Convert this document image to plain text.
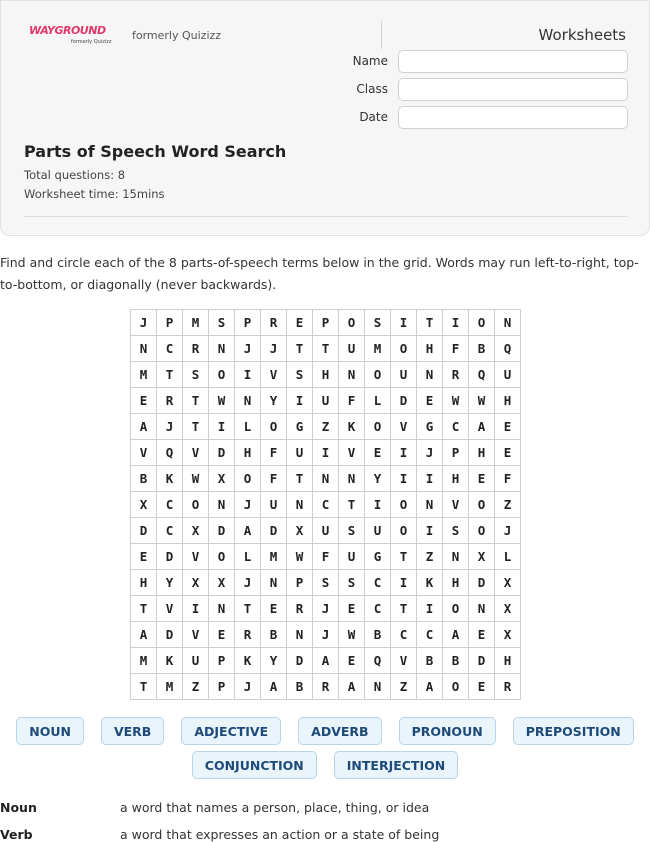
WAYGROUND
formerly Quizizz formerly Quizizz	Worksheets
Name
Class
Date
Parts of Speech Word Search
Total questions: 8
Worksheet time: 15mins
Find and circle each of the 8 parts-of-speech terms below in the grid. Words may run left-to-right, top-to-bottom, or diagonally (never backwards).
J	P	M	S	P	R	E	P	O	S	I	T	I	O	N
N	C	R	N	J	J	T	T	U	M	O	H	F	B	Q
M	T	S	O	I	V	S	H	N	O	U	N	R	Q	U
E	R	T	W	N	Y	I	U	F	L	D	E	W	W	H
A	J	T	I	L	O	G	Z	K	O	V	G	C	A	E
V	Q	V	D	H	F	U	I	V	E	I	J	P	H	E
B	K	W	X	O	F	T	N	N	Y	I	I	H	E	F
X	C	O	N	J	U	N	C	T	I	O	N	V	O	Z
D	C	X	D	A	D	X	U	S	U	O	I	S	O	J
E	D	V	O	L	M	W	F	U	G	T	Z	N	X	L
H	Y	X	X	J	N	P	S	S	C	I	K	H	D	X
T	V	I	N	T	E	R	J	E	C	T	I	O	N	X
A	D	V	E	R	B	N	J	W	B	C	C	A	E	X
M	K	U	P	K	Y	D	A	E	Q	V	B	B	D	H
T	M	Z	P	J	A	B	R	A	N	Z	A	O	E	R
NOUN	VERB	ADJECTIVE	ADVERB	PRONOUN	PREPOSITION
CONJUNCTION	INTERJECTION
Noun	a word that names a person, place, thing, or idea
Verb	a word that expresses an action or a state of being
